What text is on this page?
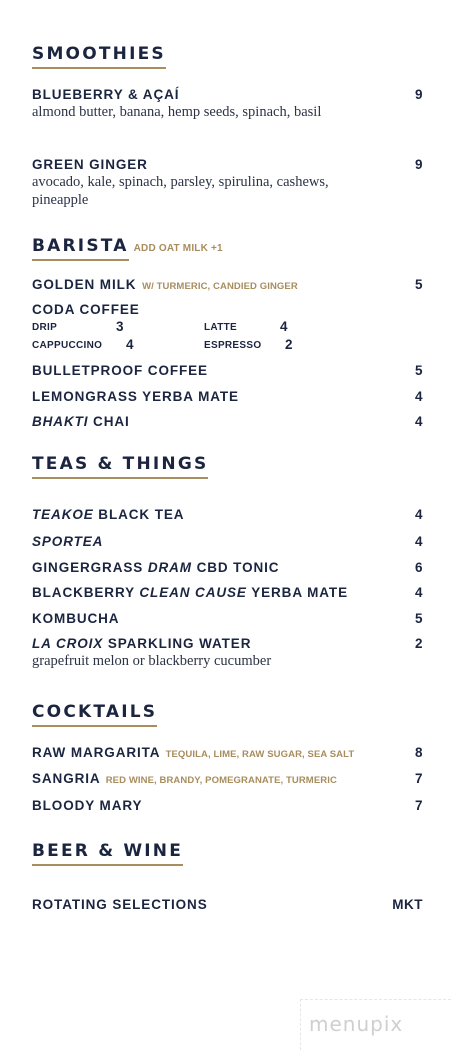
SMOOTHIES
BLUEBERRY & AÇAÍ	9
almond butter, banana, hemp seeds, spinach, basil
GREEN GINGER	9
avocado, kale, spinach, parsley, spirulina, cashews, pineapple
BARISTA ADD OAT MILK +1
GOLDEN MILK W/ TURMERIC, CANDIED GINGER	5
CODA COFFEE
DRIP	3	LATTE	4
CAPPUCCINO 4	ESPRESSO 2
BULLETPROOF COFFEE	5
LEMONGRASS YERBA MATE	4
BHAKTI CHAI	4
TEAS & THINGS
TEAKOE BLACK TEA	4
SPORTEA	4
GINGERGRASS DRAM CBD TONIC	6
BLACKBERRY CLEAN CAUSE YERBA MATE	4
KOMBUCHA	5
LA CROIX SPARKLING WATER	2
grapefruit melon or blackberry cucumber
COCKTAILS
RAW MARGARITA TEQUILA, LIME, RAW SUGAR, SEA SALT	8
SANGRIA RED WINE, BRANDY, POMEGRANATE, TURMERIC	7
BLOODY MARY	7
BEER & WINE
ROTATING SELECTIONS	MKT
menupix
